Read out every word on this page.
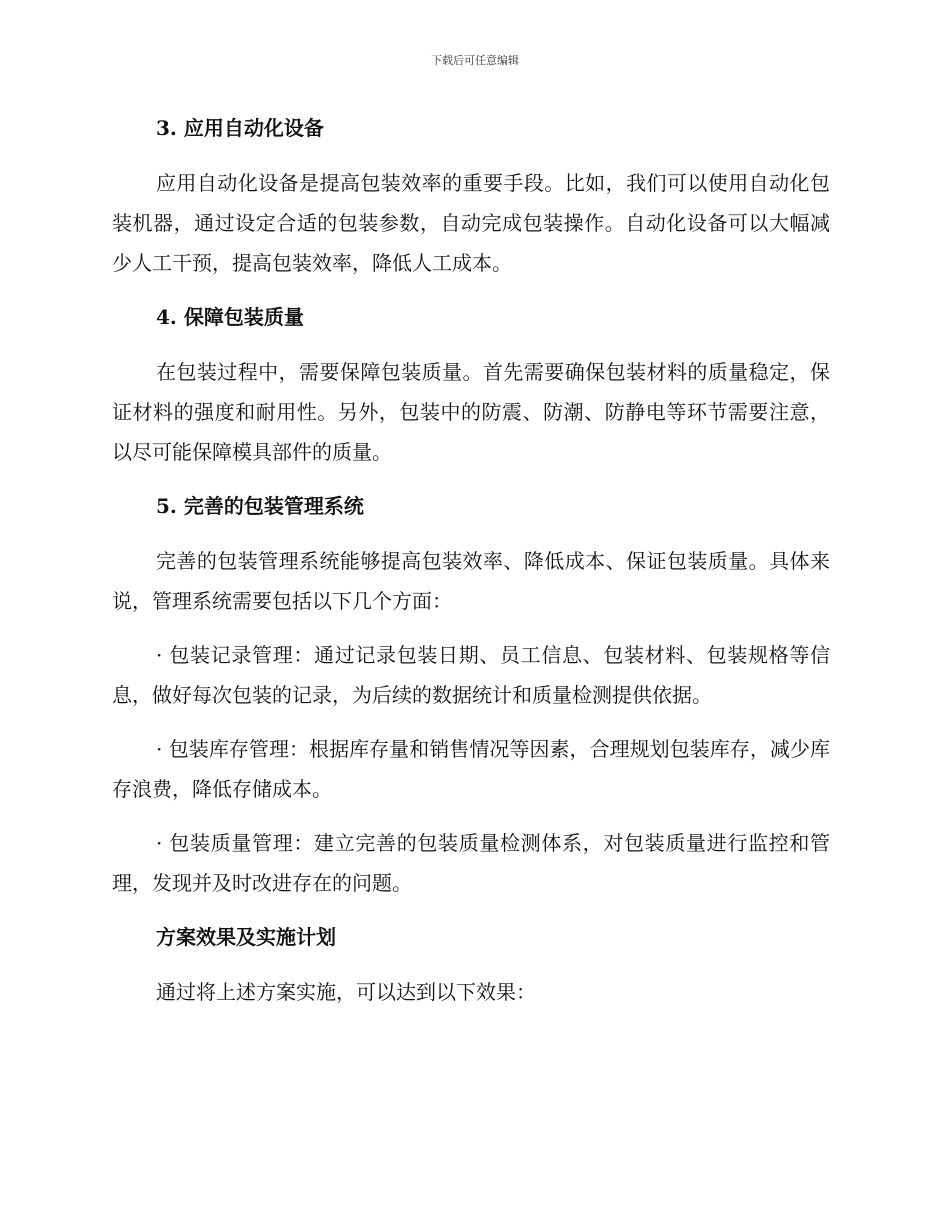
下载后可任意编辑

3. 应用自动化设备

应用自动化设备是提高包装效率的重要手段。比如，我们可以使用自动化包装机器，通过设定合适的包装参数，自动完成包装操作。自动化设备可以大幅减少人工干预，提高包装效率，降低人工成本。

4. 保障包装质量

在包装过程中，需要保障包装质量。首先需要确保包装材料的质量稳定，保证材料的强度和耐用性。另外，包装中的防震、防潮、防静电等环节需要注意，以尽可能保障模具部件的质量。

5. 完善的包装管理系统

完善的包装管理系统能够提高包装效率、降低成本、保证包装质量。具体来说，管理系统需要包括以下几个方面：

· 包装记录管理：通过记录包装日期、员工信息、包装材料、包装规格等信息，做好每次包装的记录，为后续的数据统计和质量检测提供依据。

· 包装库存管理：根据库存量和销售情况等因素，合理规划包装库存，减少库存浪费，降低存储成本。

· 包装质量管理：建立完善的包装质量检测体系，对包装质量进行监控和管理，发现并及时改进存在的问题。

方案效果及实施计划

通过将上述方案实施，可以达到以下效果：
